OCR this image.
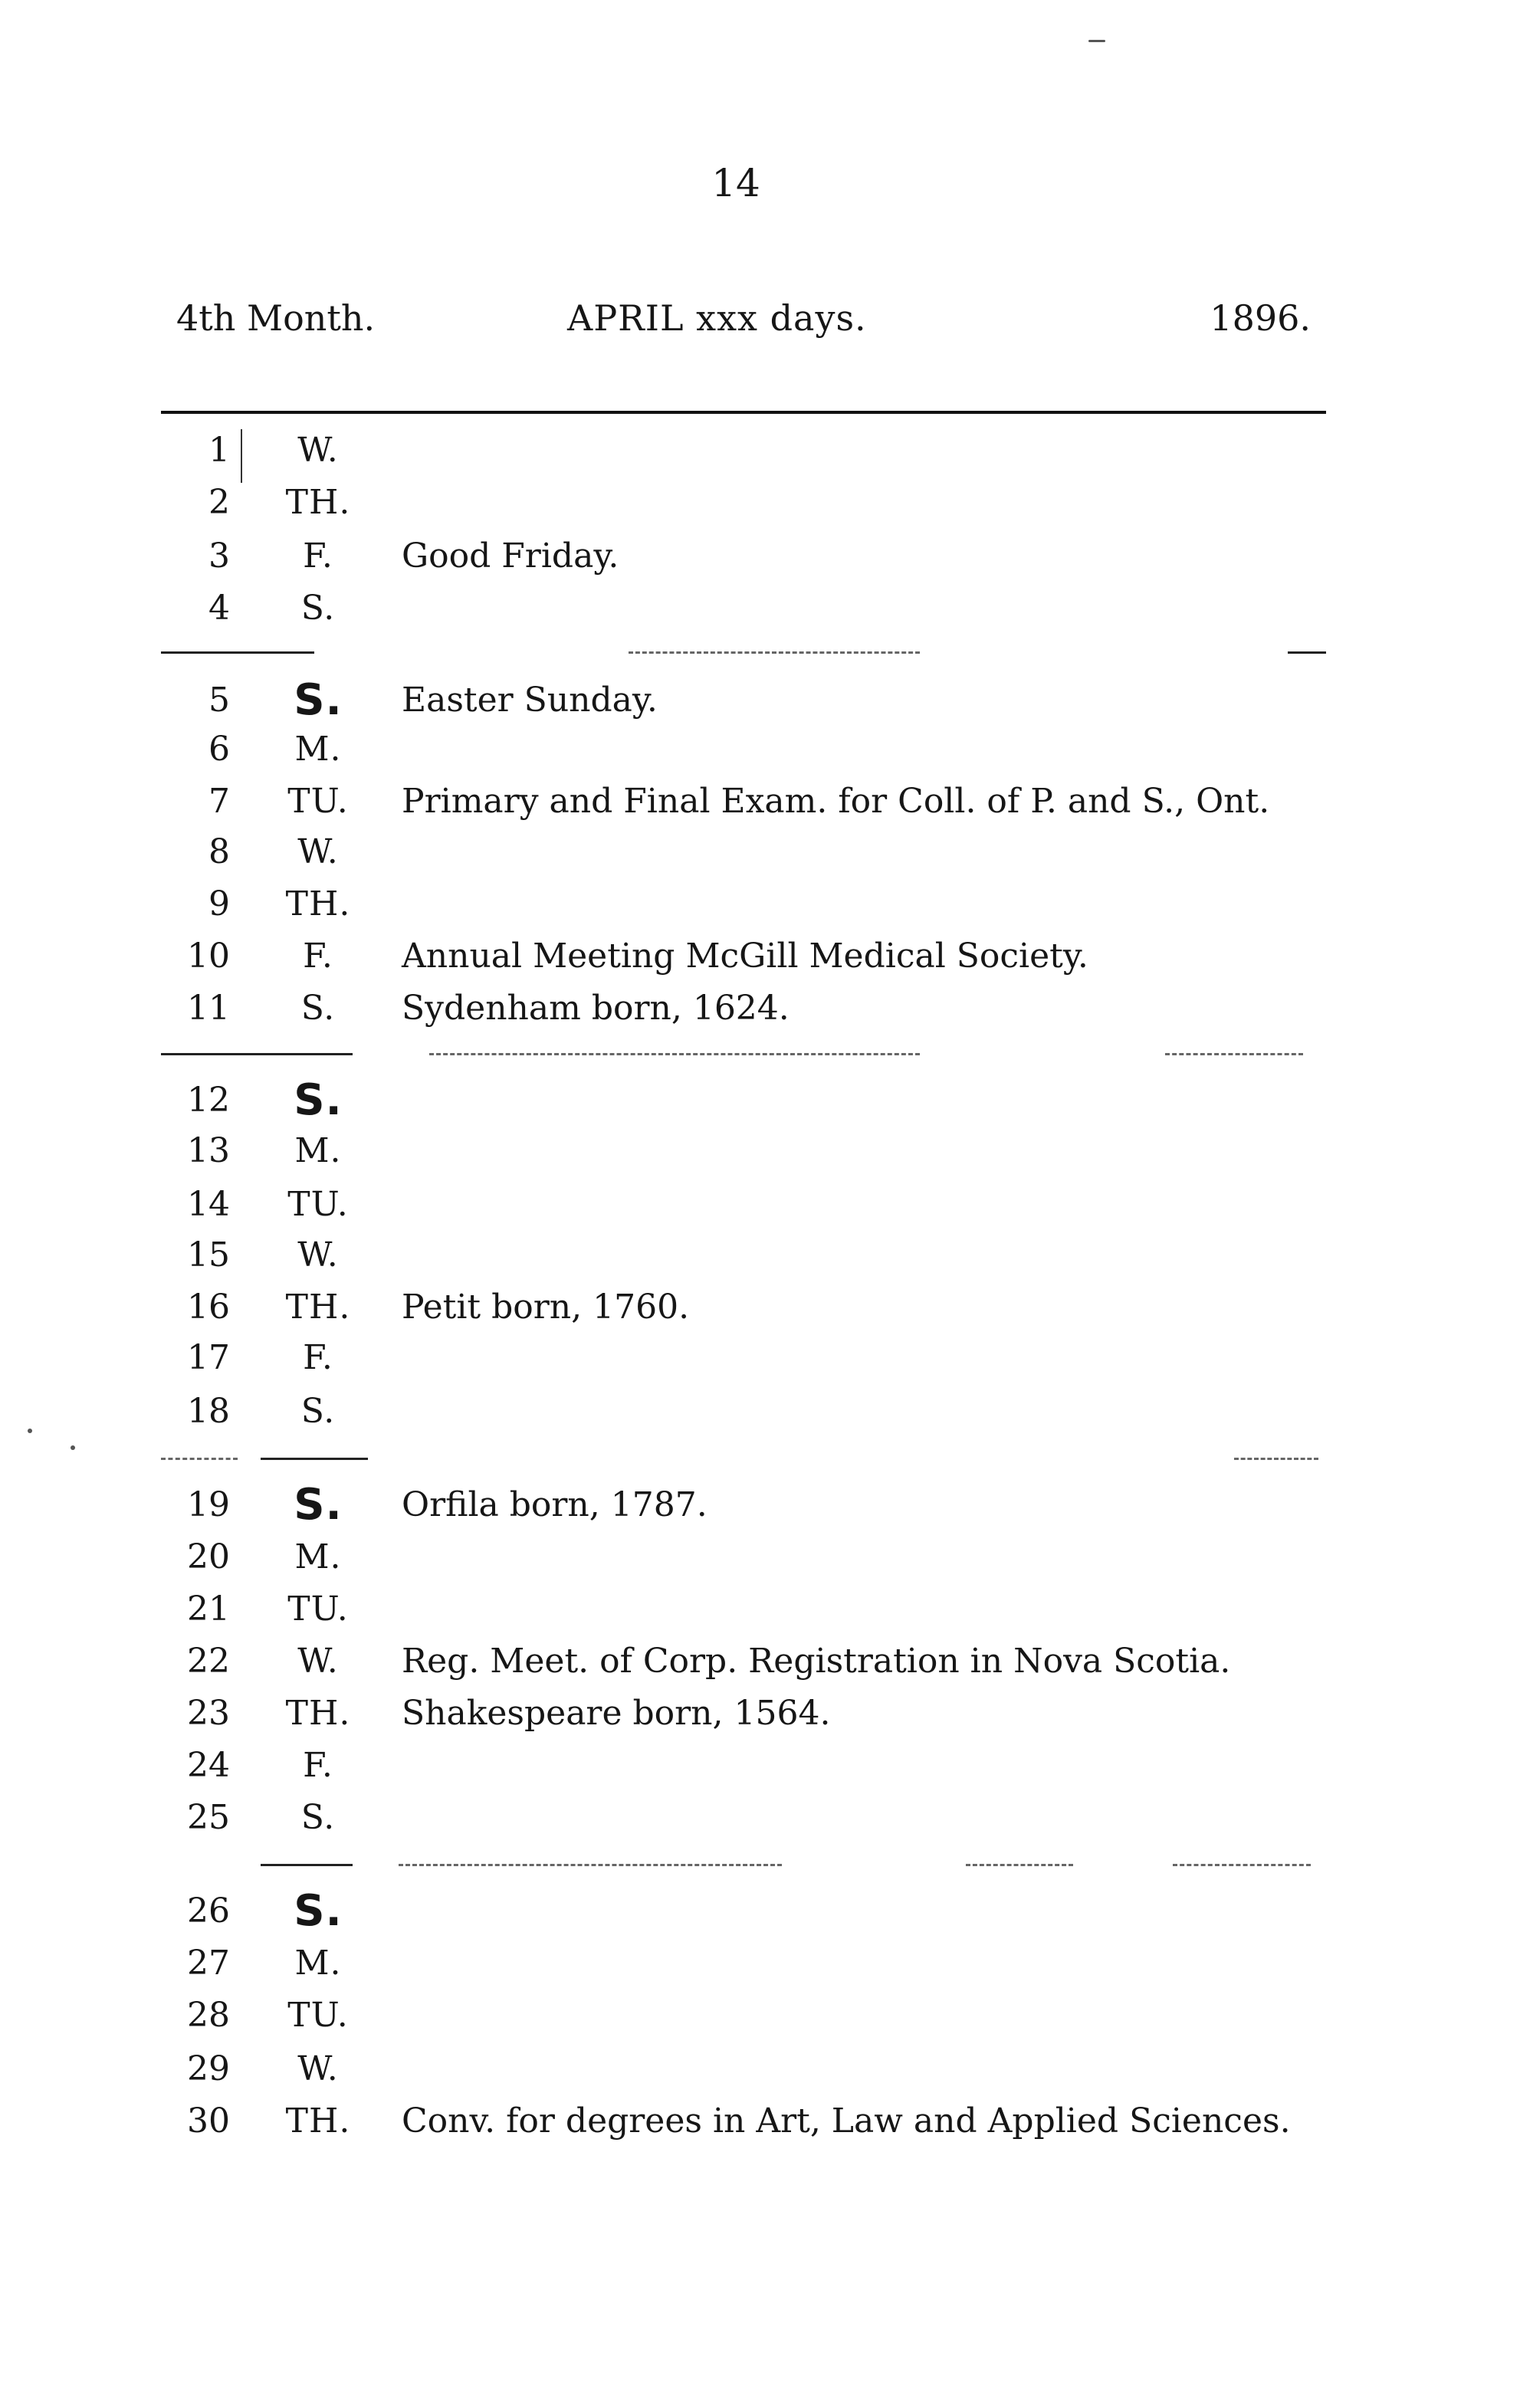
14
4th Month.	APRIL xxx days.	1896.
1	W.
2	TH.
3	F.	Good Friday.
4	S.
5	S.	Easter Sunday.
6	M.
7	TU.	Primary and Final Exam. for Coll. of P. and S., Ont.
8	W.
9	TH.
10	F.	Annual Meeting McGill Medical Society.
11	S.	Sydenham born, 1624.
12	S.
13	M.
14	TU.
15	W.
16	TH.	Petit born, 1760.
17	F.
18	S.
19	S.	Orfila born, 1787.
20	M.
21	TU.
22	W.	Reg. Meet. of Corp. Registration in Nova Scotia.
23	TH.	Shakespeare born, 1564.
24	F.
25	S.
26	S.
27	M.
28	TU.
29	W.
30	TH.	Conv. for degrees in Art, Law and Applied Sciences.
